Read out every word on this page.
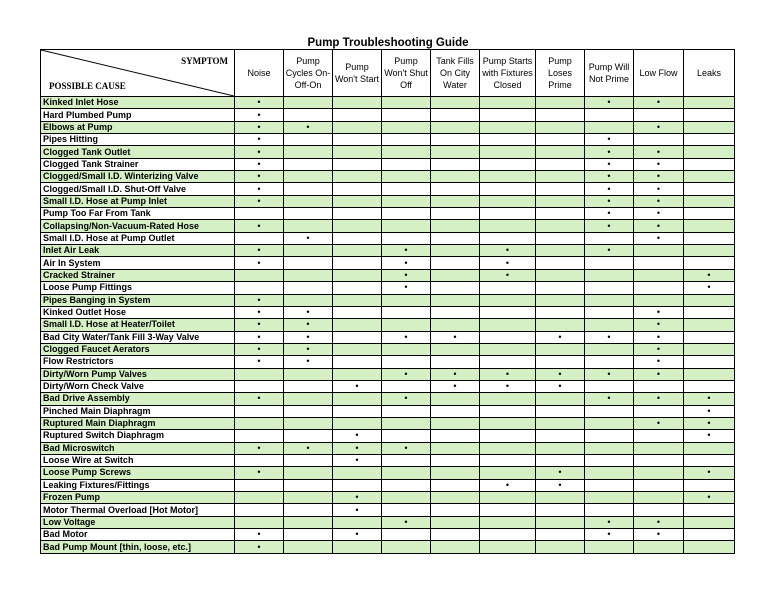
Pump Troubleshooting Guide
SYMPTOM
POSSIBLE CAUSE	Noise	Pump Cycles On-Off-On	Pump Won't Start	Pump Won't Shut Off	Tank Fills On City Water	Pump Starts with Fixtures Closed	Pump Loses Prime	Pump Will Not Prime	Low Flow	Leaks
Kinked Inlet Hose	•							•	•	
Hard Plumbed Pump	•									
Elbows at Pump	•	•							•	
Pipes Hitting	•							•		
Clogged Tank Outlet	•							•	•	
Clogged Tank Strainer	•							•	•	
Clogged/Small I.D. Winterizing Valve	•							•	•	
Clogged/Small I.D. Shut-Off Valve	•							•	•	
Small I.D. Hose at Pump Inlet	•							•	•	
Pump Too Far From Tank								•	•	
Collapsing/Non-Vacuum-Rated Hose	•							•	•	
Small I.D. Hose at Pump Outlet		•							•	
Inlet Air Leak	•			•		•		•		
Air In System	•			•		•				
Cracked Strainer				•		•				•
Loose Pump Fittings				•						•
Pipes Banging in System	•									
Kinked Outlet Hose	•	•							•	
Small I.D. Hose at Heater/Toilet	•	•							•	
Bad City Water/Tank Fill 3-Way Valve	•	•		•	•		•	•	•	
Clogged Faucet Aerators	•	•							•	
Flow Restrictors	•	•							•	
Dirty/Worn Pump Valves				•	•	•	•	•	•	
Dirty/Worn Check Valve			•		•	•	•			
Bad Drive Assembly	•			•				•	•	•
Pinched Main Diaphragm										•
Ruptured Main Diaphragm									•	•
Ruptured Switch Diaphragm			•							•
Bad Microswitch	•	•	•	•						
Loose Wire at Switch			•							
Loose Pump Screws	•						•			•
Leaking Fixtures/Fittings						•	•			
Frozen Pump			•							•
Motor Thermal Overload [Hot Motor]			•							
Low Voltage				•				•	•	
Bad Motor	•		•					•	•	
Bad Pump Mount [thin, loose, etc.]	•									
